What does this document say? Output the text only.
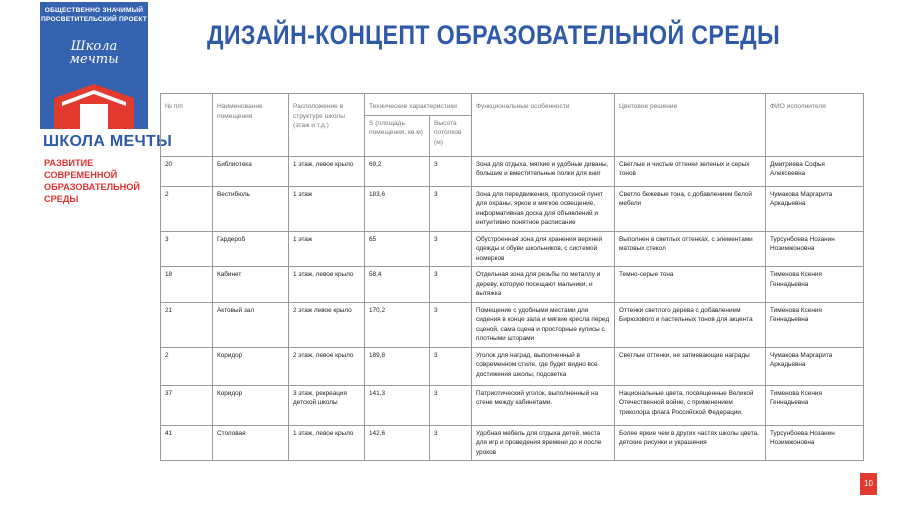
ОБЩЕСТВЕННО ЗНАЧИМЫЙ
ПРОСВЕТИТЕЛЬСКИЙ ПРОЕКТ
Школа
мечты
ШКОЛА МЕЧТЫ
РАЗВИТИЕ СОВРЕМЕННОЙ
ОБРАЗОВАТЕЛЬНОЙ СРЕДЫ
ДИЗАЙН-КОНЦЕПТ ОБРАЗОВАТЕЛЬНОЙ СРЕДЫ
№ п/п	Наименование помещения	Расположение в структуре школы (этаж и т.д.)	Технические характеристики		Функциональные особенности	Цветовое решение	ФИО исполнителя
			S (площадь помещения, кв.м)	Высота потолков (м)			
20	Библиотека	1 этаж, левое крыло	69,2	3	Зона для отдыха, мягкие и удобные диваны, большие и вместительные полки для книг	Светлые и чистые оттенки зеленых и серых тонов	Дмитриева Софья Алексеевна
2	Вестибюль	1 этаж	183,6	3	Зона для передвижения, пропускной пункт для охраны, яркое и мягкое освещение, информативная доска для объявлений и интуитивно понятное расписание	Светло бежевые тона, с добавлением белой мебели	Чумакова Маргарита Аркадьевна
3	Гардероб	1 этаж	65	3	Обустроенная зона для хранения верхней одежды и обуви школьников, с системой номерков	Выполнен в светлых оттенках, с элементами матовых стекол	Турсунбоева Нозанин Нозимжоновна
18	Кабинет	1 этаж, левое крыло	58,4	3	Отдельная зона для резьбы по металлу и дереву, которую посещают мальчики, и вытяжка	Темно-серые тона	Тименова Ксения Геннадьевна
21	Актовый зал	2 этаж левое крыло	170,2	3	Помещение с удобными местами для сидения в конце зала и мягкие кресла перед сценой, сама сцена и просторные кулисы с плотными шторами	Оттенки светлого дерева с добавлением Бирюзового и пастельных тонов для акцента	Тименова Ксения Геннадьевна
2	Коридор	2 этаж, левое крыло	189,8	3	Уголок для наград, выполненный в современном стиле, где будет видно все достижения школы, подсветка	Светлые оттенки, не затмевающие награды	Чумакова Маргарита Аркадьевна
37	Коридор	3 этаж, рекреация детской школы	141,3	3	Патриотический уголок, выполненный на стене между кабинетами.	Национальные цвета, посвященные Великой Отечественной войне, с применением триколора флага Российской Федерации.	Тименова Ксения Геннадьевна
41	Столовая	1 этаж, левое крыло	142,6	3	Удобная мебель для отдыха детей, места для игр и проведения времени до и после уроков	Более яркие чем в других частях школы цвета, детские рисунки и украшения	Турсунбоева Нозанин Нозимжоновна
10
